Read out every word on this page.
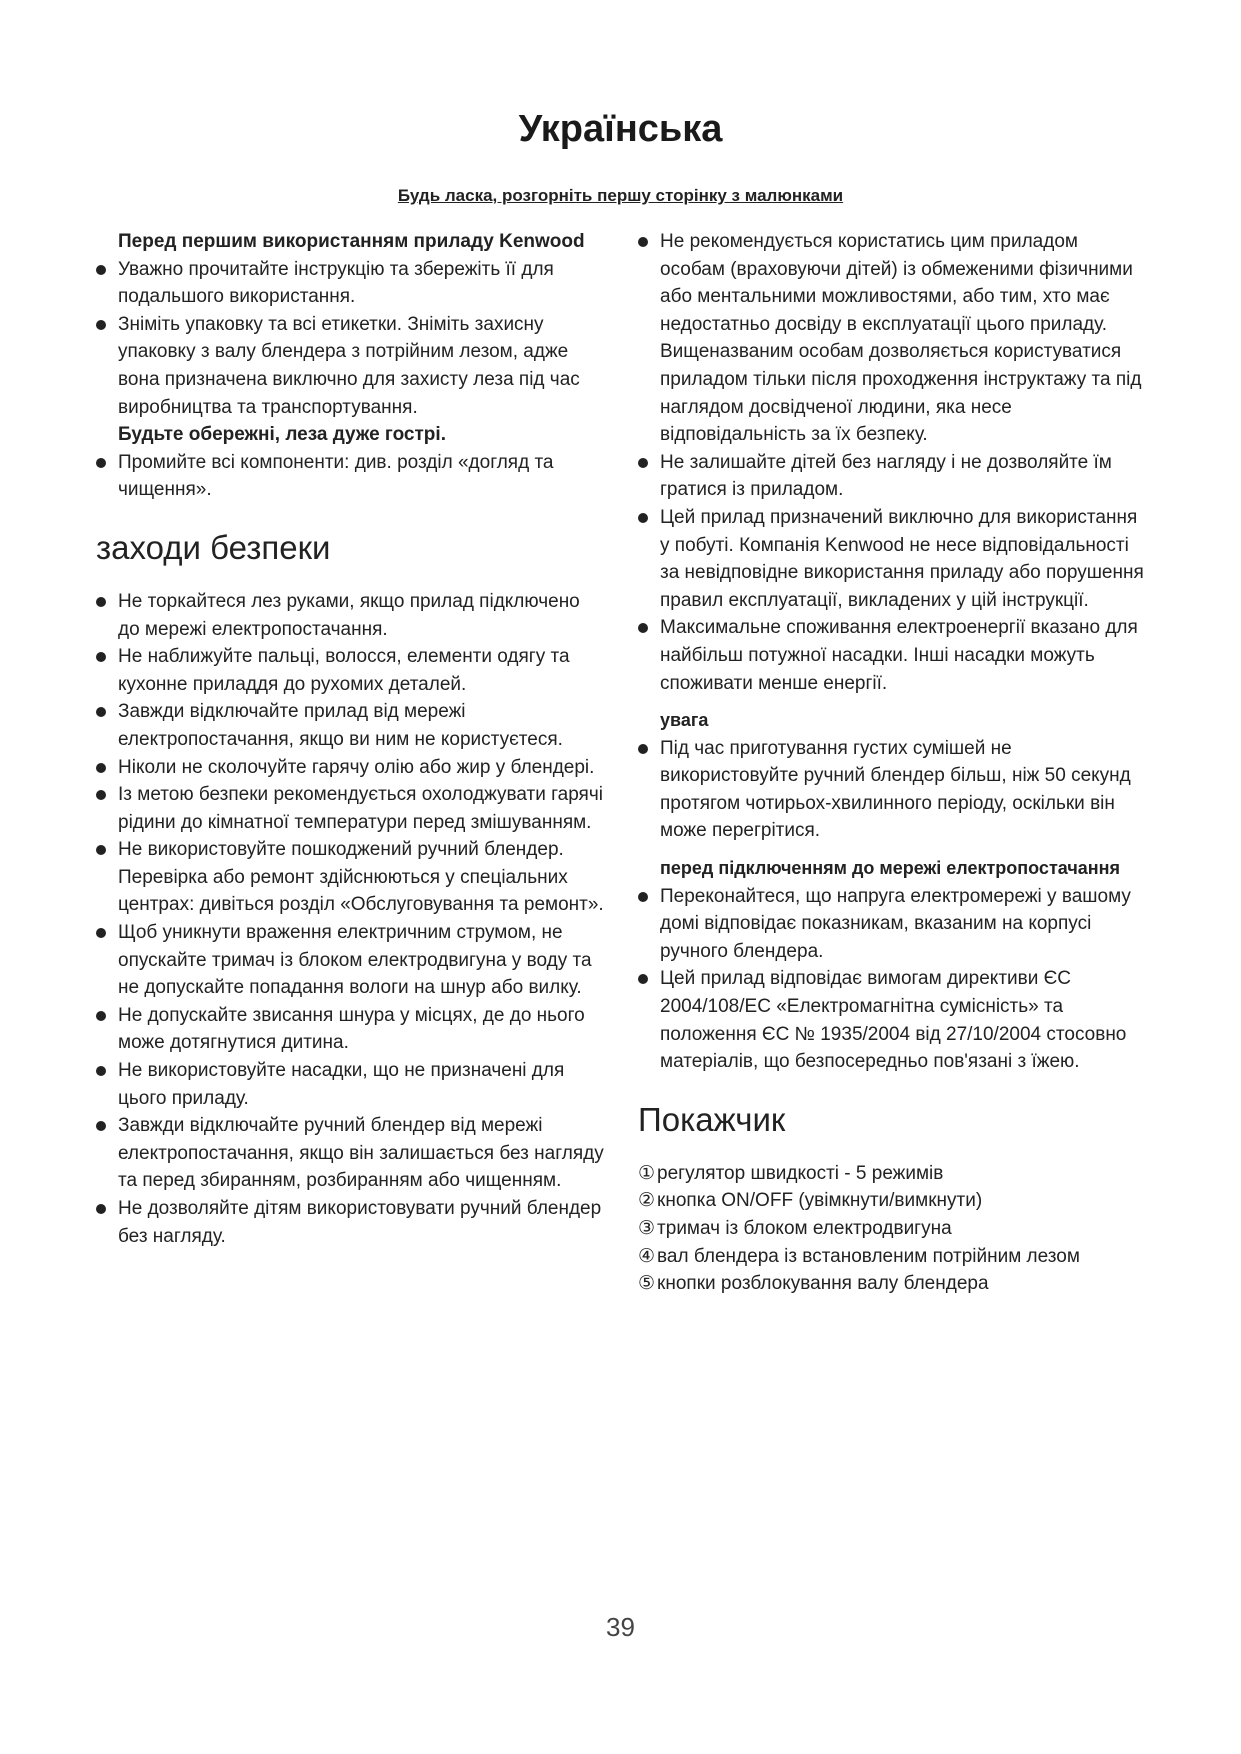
Українська
Будь ласка, розгорніть першу сторінку з малюнками
Перед першим використанням приладу Kenwood
Уважно прочитайте інструкцію та збережіть її для подальшого використання.
Зніміть упаковку та всі етикетки. Зніміть захисну упаковку з валу блендера з потрійним лезом, адже вона призначена виключно для захисту леза під час виробництва та транспортування.
Будьте обережні, леза дуже гострі.
Промийте всі компоненти: див. розділ «догляд та чищення».
заходи безпеки
Не торкайтеся лез руками, якщо прилад підключено до мережі електропостачання.
Не наближуйте пальці, волосся, елементи одягу та кухонне приладдя до рухомих деталей.
Завжди відключайте прилад від мережі електропостачання, якщо ви ним не користуєтеся.
Ніколи не сколочуйте гарячу олію або жир у блендері.
Із метою безпеки рекомендується охолоджувати гарячі рідини до кімнатної температури перед змішуванням.
Не використовуйте пошкоджений ручний блендер. Перевірка або ремонт здійснюються у спеціальних центрах: дивіться розділ «Обслуговування та ремонт».
Щоб уникнути враження електричним струмом, не опускайте тримач із блоком електродвигуна у воду та не допускайте попадання вологи на шнур або вилку.
Не допускайте звисання шнура у місцях, де до нього може дотягнутися дитина.
Не використовуйте насадки, що не призначені для цього приладу.
Завжди відключайте ручний блендер від мережі електропостачання, якщо він залишається без нагляду та перед збиранням, розбиранням або чищенням.
Не дозволяйте дітям використовувати ручний блендер без нагляду.
Не рекомендується користатись цим приладом особам (враховуючи дітей) із обмеженими фізичними або ментальними можливостями, або тим, хто має недостатньо досвіду в експлуатації цього приладу. Вищеназваним особам дозволяється користуватися приладом тільки після проходження інструктажу та під наглядом досвідченої людини, яка несе відповідальність за їх безпеку.
Не залишайте дітей без нагляду і не дозволяйте їм гратися із приладом.
Цей прилад призначений виключно для використання у побуті. Компанія Kenwood не несе відповідальності за невідповідне використання приладу або порушення правил експлуатації, викладених у цій інструкції.
Максимальне споживання електроенергії вказано для найбільш потужної насадки. Інші насадки можуть споживати менше енергії.
увага
Під час приготування густих сумішей не використовуйте ручний блендер більш, ніж 50 секунд протягом чотирьох-хвилинного періоду, оскільки він може перегрітися.
перед підключенням до мережі електропостачання
Переконайтеся, що напруга електромережі у вашому домі відповідає показникам, вказаним на корпусі ручного блендера.
Цей прилад відповідає вимогам директиви ЄС 2004/108/ЕС «Електромагнітна сумісність» та положення ЄС № 1935/2004 від 27/10/2004 стосовно матеріалів, що безпосередньо пов'язані з їжею.
Покажчик
① регулятор швидкості - 5 режимів
② кнопка ON/OFF (увімкнути/вимкнути)
③ тримач із блоком електродвигуна
④ вал блендера із встановленим потрійним лезом
⑤ кнопки розблокування валу блендера
39
